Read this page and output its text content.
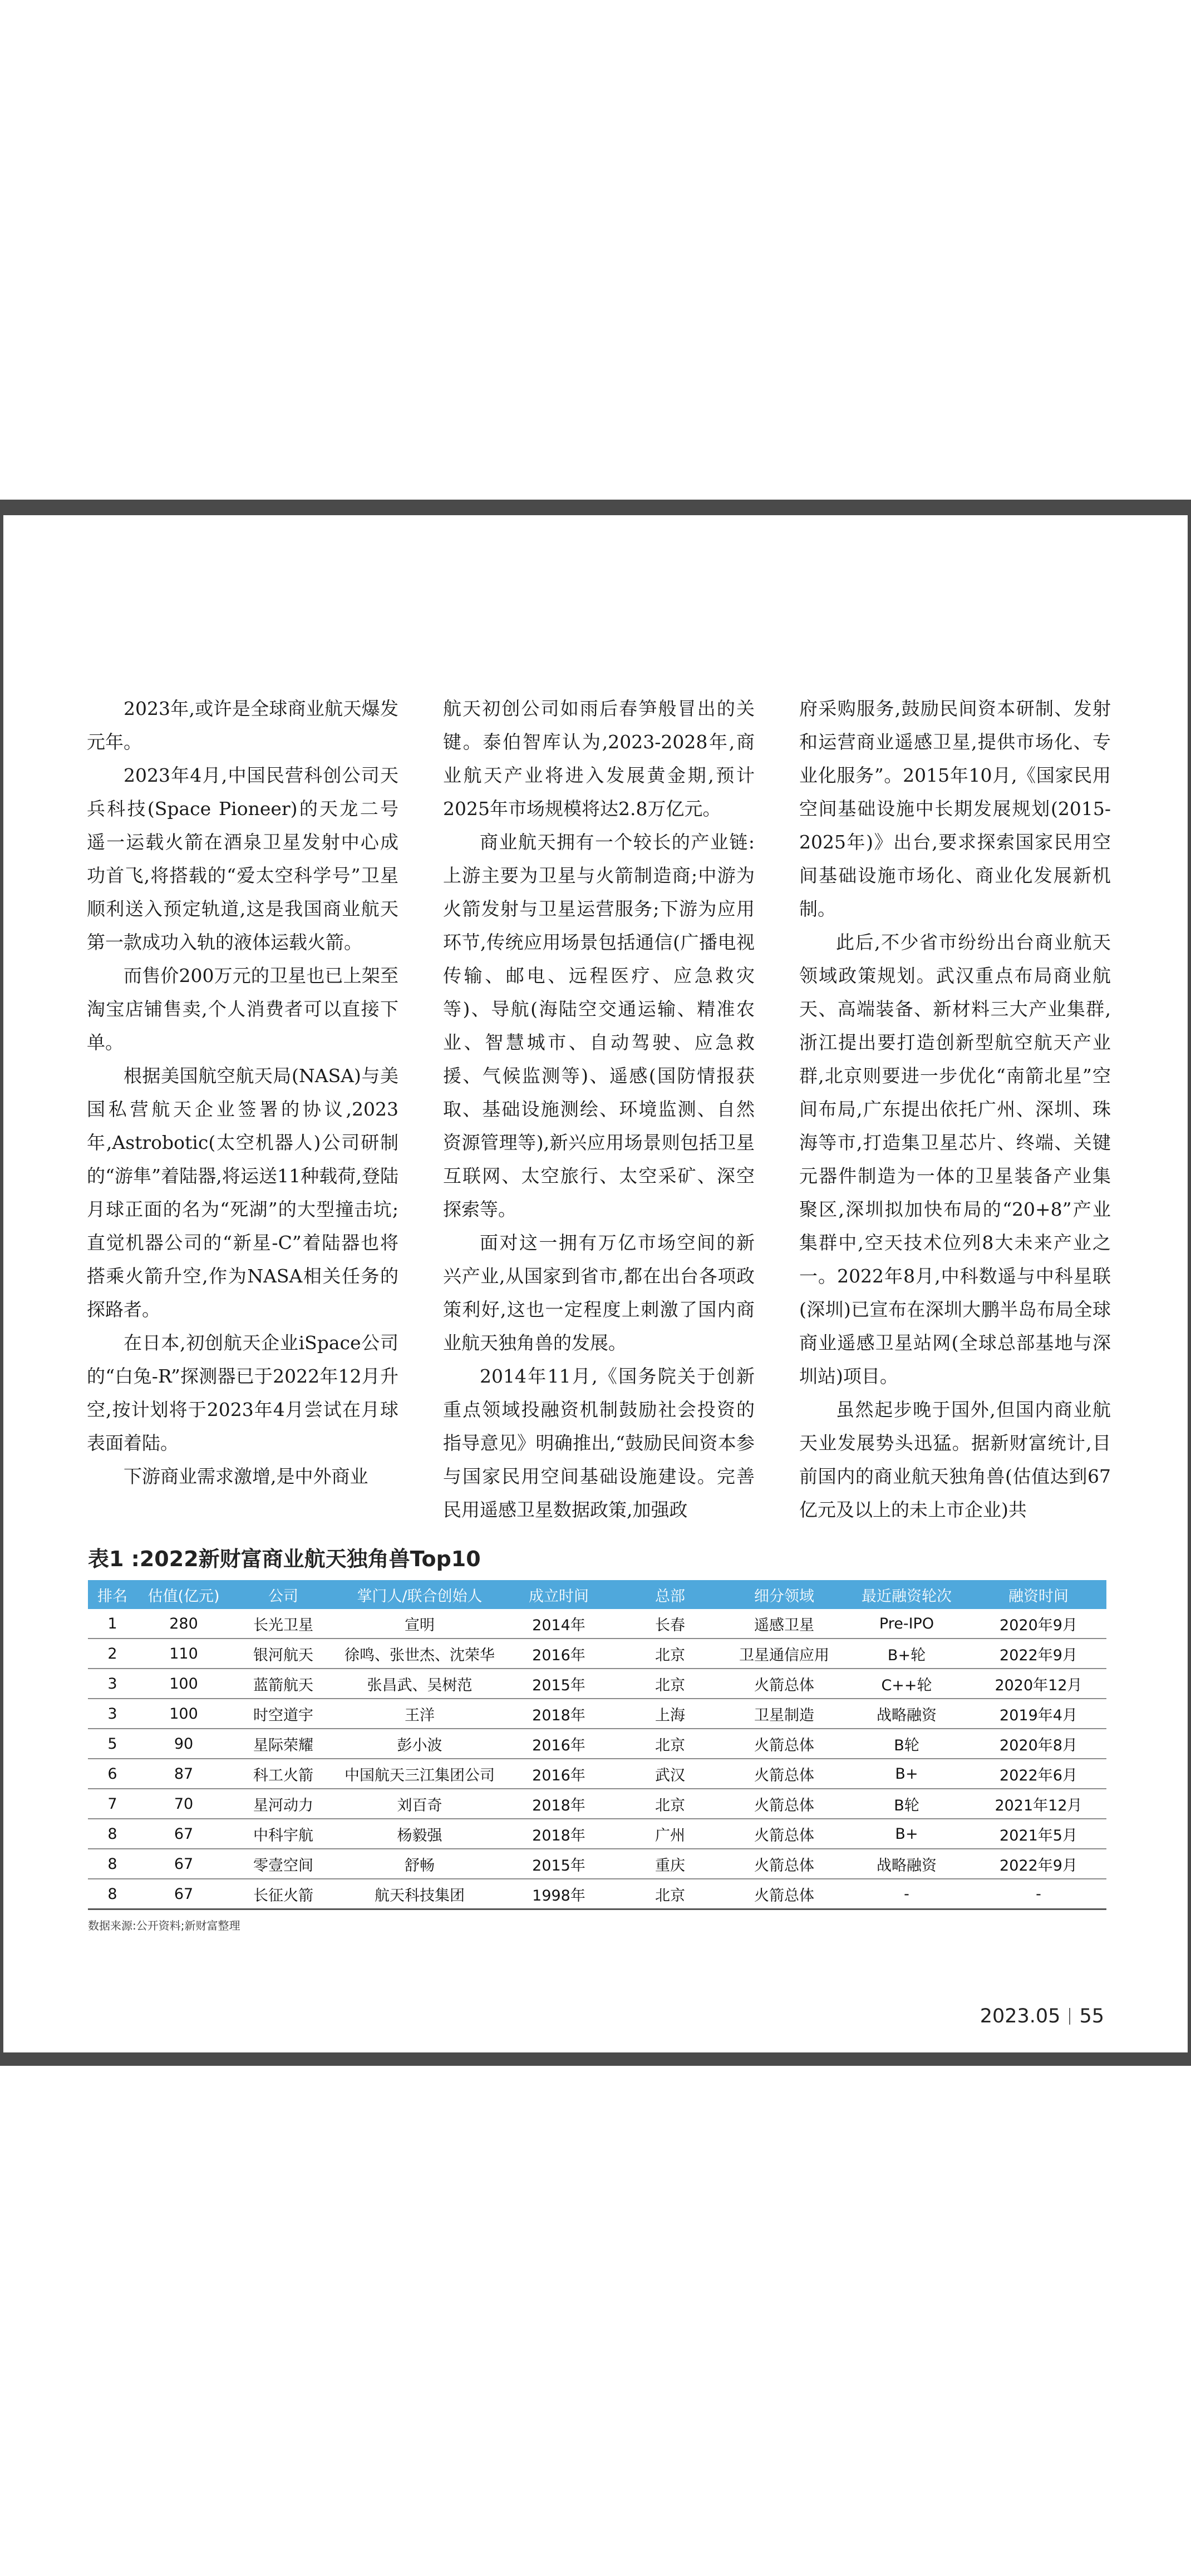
2023年,或许是全球商业航天爆发元年。

2023年4月,中国民营科创公司天兵科技(Space Pioneer)的天龙二号遥一运载火箭在酒泉卫星发射中心成功首飞,将搭载的“爱太空科学号”卫星顺利送入预定轨道,这是我国商业航天第一款成功入轨的液体运载火箭。

而售价200万元的卫星也已上架至淘宝店铺售卖,个人消费者可以直接下单。

根据美国航空航天局(NASA)与美国私营航天企业签署的协议,2023年,Astrobotic(太空机器人)公司研制的“游隼”着陆器,将运送11种载荷,登陆月球正面的名为“死湖”的大型撞击坑;直觉机器公司的“新星-C”着陆器也将搭乘火箭升空,作为NASA相关任务的探路者。

在日本,初创航天企业iSpace公司的“白兔-R”探测器已于2022年12月升空,按计划将于2023年4月尝试在月球表面着陆。

下游商业需求激增,是中外商业

航天初创公司如雨后春笋般冒出的关键。泰伯智库认为,2023-2028年,商业航天产业将进入发展黄金期,预计2025年市场规模将达2.8万亿元。

商业航天拥有一个较长的产业链:上游主要为卫星与火箭制造商;中游为火箭发射与卫星运营服务;下游为应用环节,传统应用场景包括通信(广播电视传输、邮电、远程医疗、应急救灾等)、导航(海陆空交通运输、精准农业、智慧城市、自动驾驶、应急救援、气候监测等)、遥感(国防情报获取、基础设施测绘、环境监测、自然资源管理等),新兴应用场景则包括卫星互联网、太空旅行、太空采矿、深空探索等。

面对这一拥有万亿市场空间的新兴产业,从国家到省市,都在出台各项政策利好,这也一定程度上刺激了国内商业航天独角兽的发展。

2014年11月,《国务院关于创新重点领域投融资机制鼓励社会投资的指导意见》明确推出,“鼓励民间资本参与国家民用空间基础设施建设。完善民用遥感卫星数据政策,加强政

府采购服务,鼓励民间资本研制、发射和运营商业遥感卫星,提供市场化、专业化服务”。2015年10月,《国家民用空间基础设施中长期发展规划(2015-2025年)》出台,要求探索国家民用空间基础设施市场化、商业化发展新机制。

此后,不少省市纷纷出台商业航天领域政策规划。武汉重点布局商业航天、高端装备、新材料三大产业集群,浙江提出要打造创新型航空航天产业群,北京则要进一步优化“南箭北星”空间布局,广东提出依托广州、深圳、珠海等市,打造集卫星芯片、终端、关键元器件制造为一体的卫星装备产业集聚区,深圳拟加快布局的“20+8”产业集群中,空天技术位列8大未来产业之一。2022年8月,中科数遥与中科星联(深圳)已宣布在深圳大鹏半岛布局全球商业遥感卫星站网(全球总部基地与深圳站)项目。

虽然起步晚于国外,但国内商业航天业发展势头迅猛。据新财富统计,目前国内的商业航天独角兽(估值达到67亿元及以上的未上市企业)共

表1 :2022新财富商业航天独角兽Top10
排名	估值(亿元)	公司	掌门人/联合创始人	成立时间	总部	细分领域	最近融资轮次	融资时间
1	280	长光卫星	宣明	2014年	长春	遥感卫星	Pre-IPO	2020年9月
2	110	银河航天	徐鸣、张世杰、沈荣华	2016年	北京	卫星通信应用	B+轮	2022年9月
3	100	蓝箭航天	张昌武、吴树范	2015年	北京	火箭总体	C++轮	2020年12月
3	100	时空道宇	王洋	2018年	上海	卫星制造	战略融资	2019年4月
5	90	星际荣耀	彭小波	2016年	北京	火箭总体	B轮	2020年8月
6	87	科工火箭	中国航天三江集团公司	2016年	武汉	火箭总体	B+	2022年6月
7	70	星河动力	刘百奇	2018年	北京	火箭总体	B轮	2021年12月
8	67	中科宇航	杨毅强	2018年	广州	火箭总体	B+	2021年5月
8	67	零壹空间	舒畅	2015年	重庆	火箭总体	战略融资	2022年9月
8	67	长征火箭	航天科技集团	1998年	北京	火箭总体	-	-
数据来源:公开资料;新财富整理
2023.05 55
